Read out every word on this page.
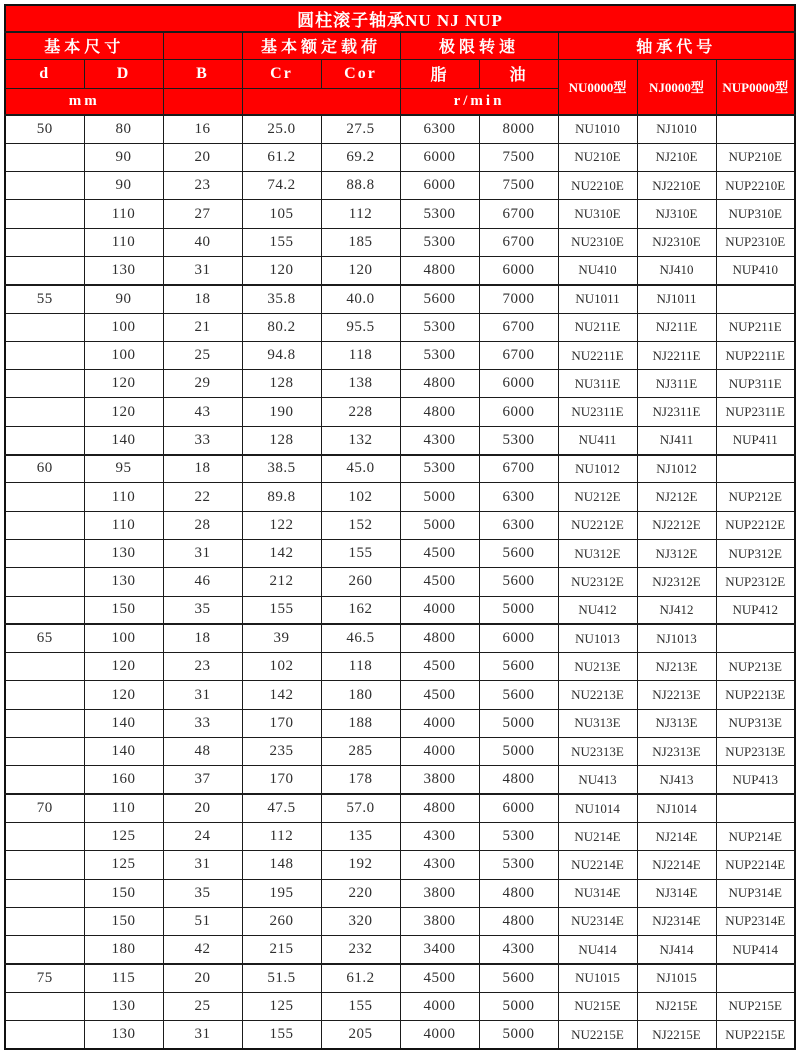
圆柱滚子轴承NU NJ NUP									
基本尺寸			基本额定载荷		极限转速		轴承代号		
d	D	B	Cr	Cor	脂	油	NU0000型	NJ0000型	NUP0000型
mm					r/min				
50	80	16	25.0	27.5	6300	8000	NU1010	NJ1010	
	90	20	61.2	69.2	6000	7500	NU210E	NJ210E	NUP210E
	90	23	74.2	88.8	6000	7500	NU2210E	NJ2210E	NUP2210E
	110	27	105	112	5300	6700	NU310E	NJ310E	NUP310E
	110	40	155	185	5300	6700	NU2310E	NJ2310E	NUP2310E
	130	31	120	120	4800	6000	NU410	NJ410	NUP410
55	90	18	35.8	40.0	5600	7000	NU1011	NJ1011	
	100	21	80.2	95.5	5300	6700	NU211E	NJ211E	NUP211E
	100	25	94.8	118	5300	6700	NU2211E	NJ2211E	NUP2211E
	120	29	128	138	4800	6000	NU311E	NJ311E	NUP311E
	120	43	190	228	4800	6000	NU2311E	NJ2311E	NUP2311E
	140	33	128	132	4300	5300	NU411	NJ411	NUP411
60	95	18	38.5	45.0	5300	6700	NU1012	NJ1012	
	110	22	89.8	102	5000	6300	NU212E	NJ212E	NUP212E
	110	28	122	152	5000	6300	NU2212E	NJ2212E	NUP2212E
	130	31	142	155	4500	5600	NU312E	NJ312E	NUP312E
	130	46	212	260	4500	5600	NU2312E	NJ2312E	NUP2312E
	150	35	155	162	4000	5000	NU412	NJ412	NUP412
65	100	18	39	46.5	4800	6000	NU1013	NJ1013	
	120	23	102	118	4500	5600	NU213E	NJ213E	NUP213E
	120	31	142	180	4500	5600	NU2213E	NJ2213E	NUP2213E
	140	33	170	188	4000	5000	NU313E	NJ313E	NUP313E
	140	48	235	285	4000	5000	NU2313E	NJ2313E	NUP2313E
	160	37	170	178	3800	4800	NU413	NJ413	NUP413
70	110	20	47.5	57.0	4800	6000	NU1014	NJ1014	
	125	24	112	135	4300	5300	NU214E	NJ214E	NUP214E
	125	31	148	192	4300	5300	NU2214E	NJ2214E	NUP2214E
	150	35	195	220	3800	4800	NU314E	NJ314E	NUP314E
	150	51	260	320	3800	4800	NU2314E	NJ2314E	NUP2314E
	180	42	215	232	3400	4300	NU414	NJ414	NUP414
75	115	20	51.5	61.2	4500	5600	NU1015	NJ1015	
	130	25	125	155	4000	5000	NU215E	NJ215E	NUP215E
	130	31	155	205	4000	5000	NU2215E	NJ2215E	NUP2215E
